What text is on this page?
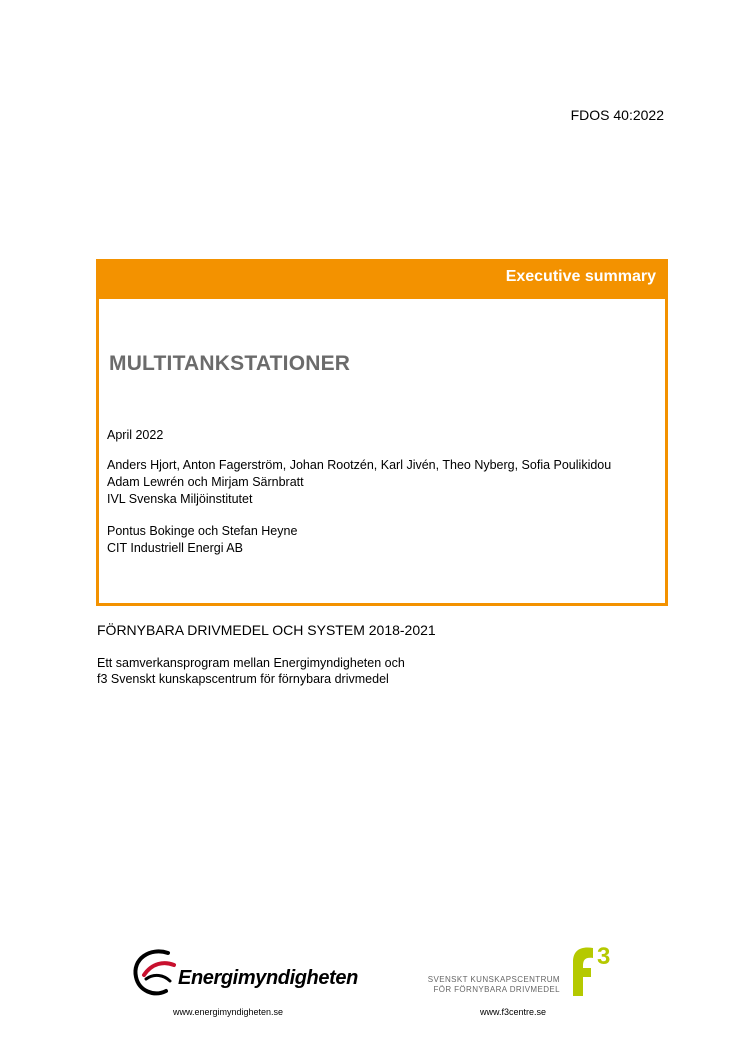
FDOS 40:2022
Executive summary
MULTITANKSTATIONER
April 2022
Anders Hjort, Anton Fagerström, Johan Rootzén, Karl Jivén, Theo Nyberg, Sofia Poulikidou
Adam Lewrén och Mirjam Särnbratt
IVL Svenska Miljöinstitutet
Pontus Bokinge och Stefan Heyne
CIT Industriell Energi AB
FÖRNYBARA DRIVMEDEL OCH SYSTEM 2018-2021
Ett samverkansprogram mellan Energimyndigheten och
f3 Svenskt kunskapscentrum för förnybara drivmedel
Energimyndigheten
www.energimyndigheten.se
SVENSKT KUNSKAPSCENTRUM
FÖR FÖRNYBARA DRIVMEDEL
3
www.f3centre.se
